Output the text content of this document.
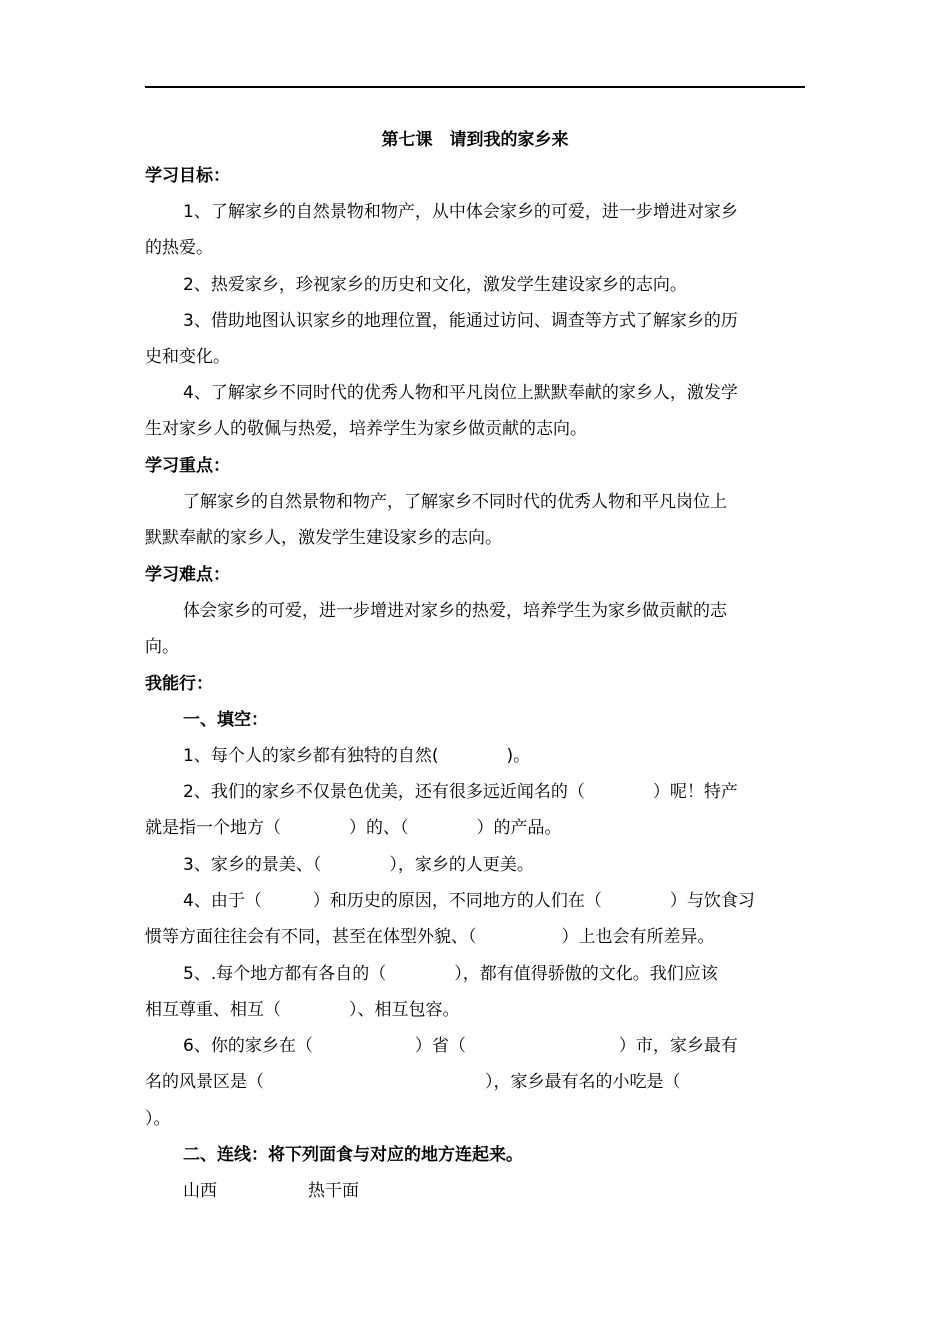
第七课　请到我的家乡来
学习目标：
1、了解家乡的自然景物和物产，从中体会家乡的可爱，进一步增进对家乡
的热爱。
2、热爱家乡，珍视家乡的历史和文化，激发学生建设家乡的志向。
3、借助地图认识家乡的地理位置，能通过访问、调查等方式了解家乡的历
史和变化。
4、了解家乡不同时代的优秀人物和平凡岗位上默默奉献的家乡人，激发学
生对家乡人的敬佩与热爱，培养学生为家乡做贡献的志向。
学习重点：
了解家乡的自然景物和物产，了解家乡不同时代的优秀人物和平凡岗位上
默默奉献的家乡人，激发学生建设家乡的志向。
学习难点：
体会家乡的可爱，进一步增进对家乡的热爱，培养学生为家乡做贡献的志
向。
我能行：
一、填空：
1、每个人的家乡都有独特的自然(　　　　)。
2、我们的家乡不仅景色优美，还有很多远近闻名的（　　　　）呢！特产
就是指一个地方（　　　　）的、（　　　　）的产品。
3、家乡的景美、（　　　　），家乡的人更美。
4、由于（　　　）和历史的原因，不同地方的人们在（　　　　）与饮食习
惯等方面往往会有不同，甚至在体型外貌、（　　　　　）上也会有所差异。
5、.每个地方都有各自的（　　　　），都有值得骄傲的文化。我们应该
相互尊重、相互（　　　　）、相互包容。
6、你的家乡在（　　　　　　）省（　　　　　　　　　）市，家乡最有
名的风景区是（　　　　　　　　　　　　　），家乡最有名的小吃是（
）。
二、连线：将下列面食与对应的地方连起来。
山西	热干面
